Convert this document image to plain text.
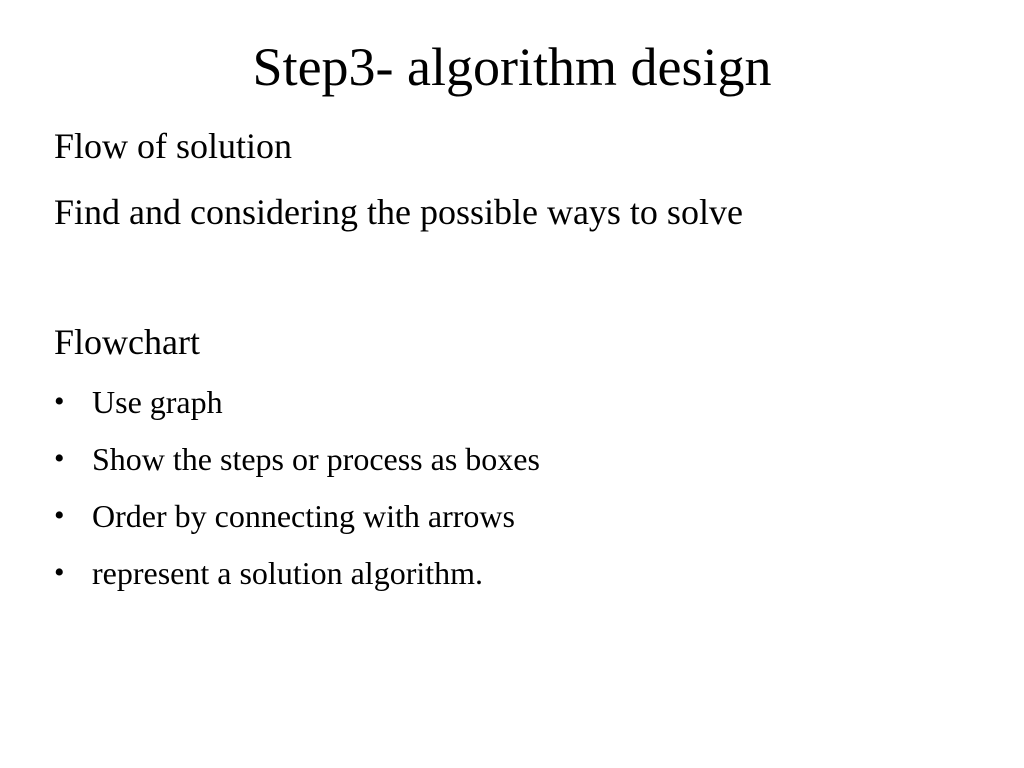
Step3- algorithm design

Flow of solution

Find and considering the possible ways to solve

Flowchart

• Use graph
• Show the steps or process as boxes
• Order by connecting with arrows
• represent a solution algorithm.
